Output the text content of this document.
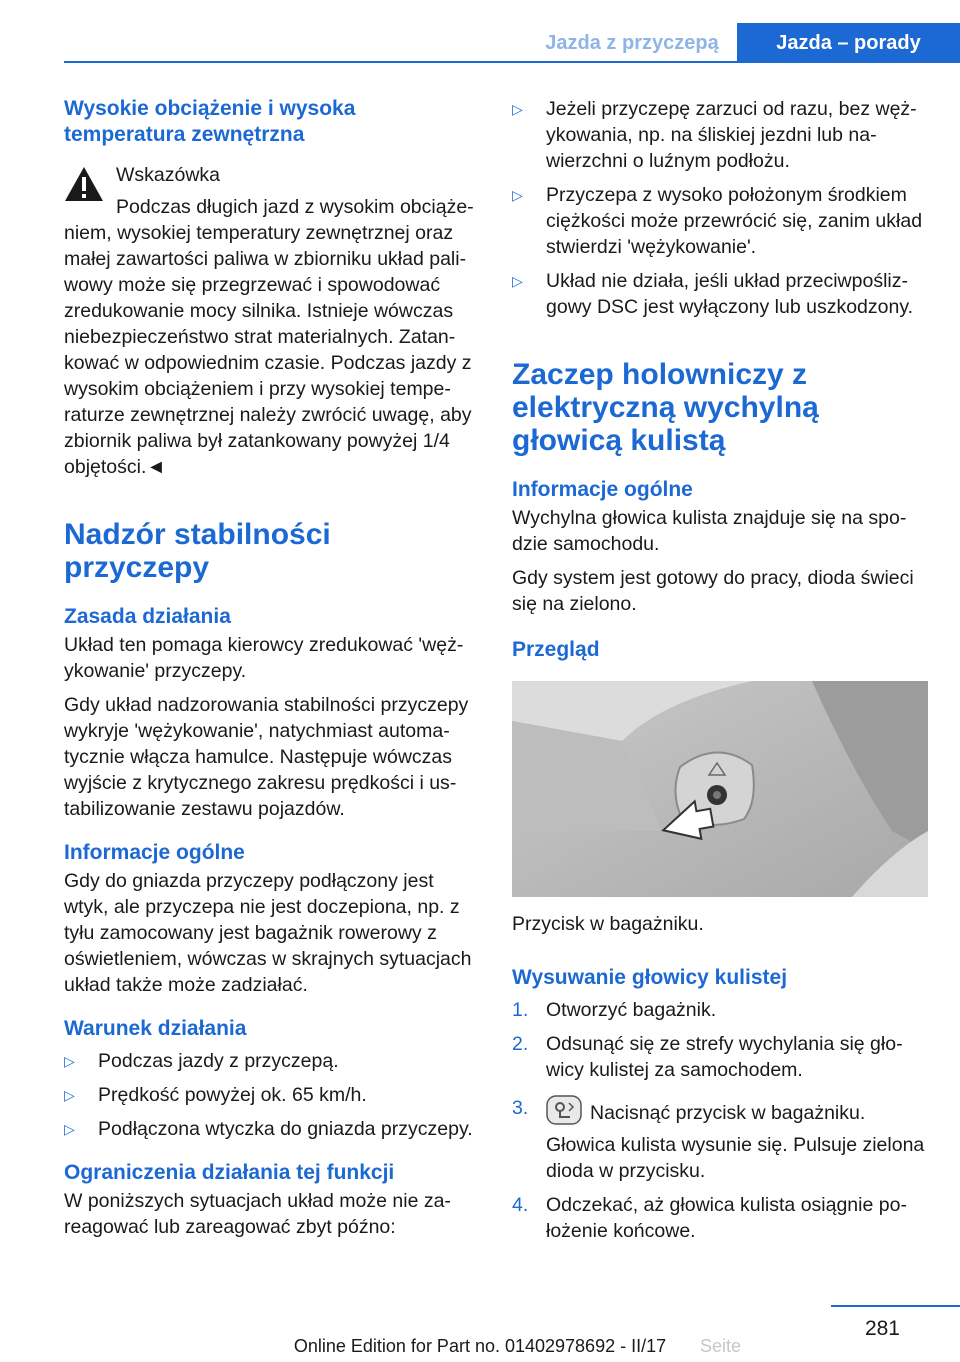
Jazda z przyczepą	Jazda – porady
Wysokie obciążenie i wysoka temperatura zewnętrzna

Wskazówka

Podczas długich jazd z wysokim obciążeniem, wysokiej temperatury zewnętrznej oraz małej zawartości paliwa w zbiorniku układ paliwowy może się przegrzewać i spowodować zredukowanie mocy silnika. Istnieje wówczas niebezpieczeństwo strat materialnych. Zatankować w odpowiednim czasie. Podczas jazdy z wysokim obciążeniem i przy wysokiej temperaturze zewnętrznej należy zwrócić uwagę, aby zbiornik paliwa był zatankowany powyżej 1/4 objętości.◄

Nadzór stabilności przyczepy
Zasada działania

Układ ten pomaga kierowcy zredukować 'wężykowanie' przyczepy.

Gdy układ nadzorowania stabilności przyczepy wykryje 'wężykowanie', natychmiast automatycznie włącza hamulce. Następuje wówczas wyjście z krytycznego zakresu prędkości i ustabilizowanie zestawu pojazdów.

Informacje ogólne

Gdy do gniazda przyczepy podłączony jest wtyk, ale przyczepa nie jest doczepiona, np. z tyłu zamocowany jest bagażnik rowerowy z oświetleniem, wówczas w skrajnych sytuacjach układ także może zadziałać.

Warunek działania
▷ Podczas jazdy z przyczepą.
▷ Prędkość powyżej ok. 65 km/h.
▷ Podłączona wtyczka do gniazda przyczepy.
Ograniczenia działania tej funkcji

W poniższych sytuacjach układ może nie zareagować lub zareagować zbyt późno:

▷ Jeżeli przyczepę zarzuci od razu, bez wężykowania, np. na śliskiej jezdni lub nawierzchni o luźnym podłożu.
▷ Przyczepa z wysoko położonym środkiem ciężkości może przewrócić się, zanim układ stwierdzi 'wężykowanie'.
▷ Układ nie działa, jeśli układ przeciwpoślizgowy DSC jest wyłączony lub uszkodzony.
Zaczep holowniczy z elektryczną wychylną głowicą kulistą
Informacje ogólne

Wychylna głowica kulista znajduje się na spodzie samochodu.

Gdy system jest gotowy do pracy, dioda świeci się na zielono.

Przegląd

Przycisk w bagażniku.

Wysuwanie głowicy kulistej
1. Otworzyć bagażnik.
2. Odsunąć się ze strefy wychylania się głowicy kulistej za samochodem.
3.	Nacisnąć przycisk w bagażniku.

Głowica kulista wysunie się. Pulsuje zielona dioda w przycisku.

4. Odczekać, aż głowica kulista osiągnie położenie końcowe.
281
Seite
Online Edition for Part no. 01402978692 - II/17
